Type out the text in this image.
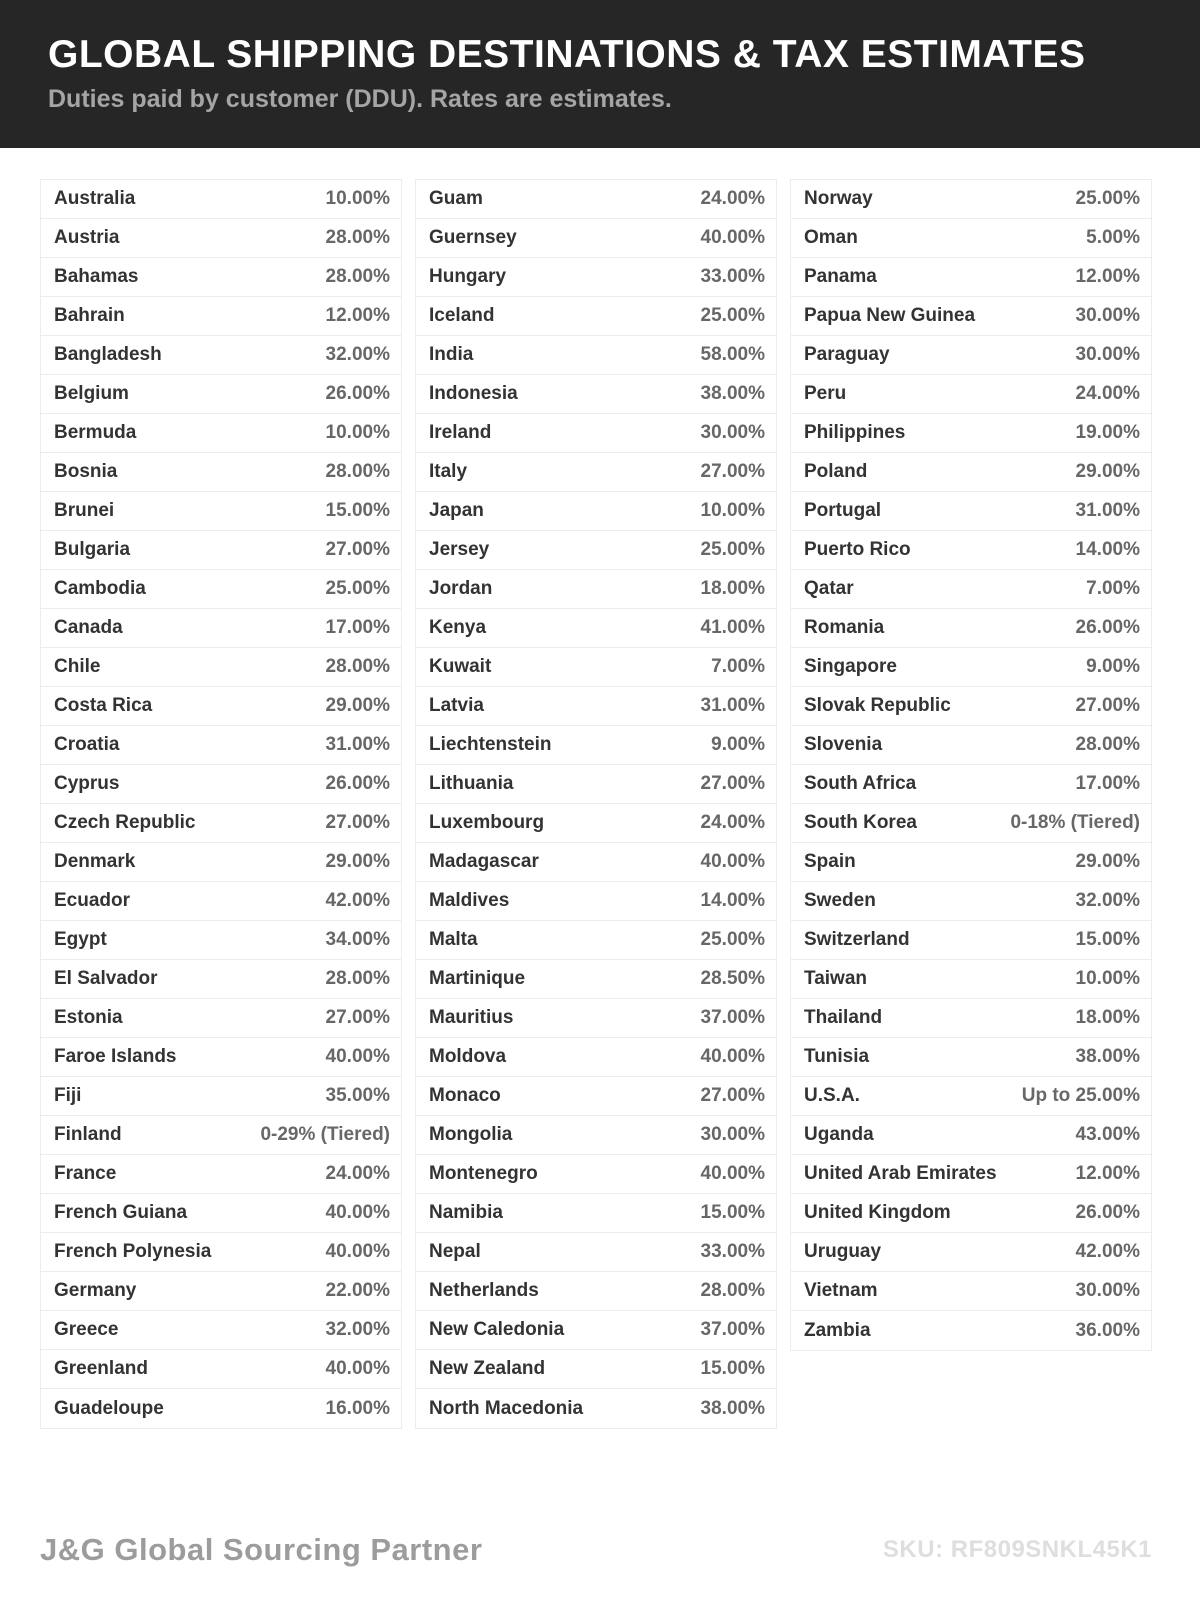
GLOBAL SHIPPING DESTINATIONS & TAX ESTIMATES

Duties paid by customer (DDU). Rates are estimates.

Australia	10.00%
Austria	28.00%
Bahamas	28.00%
Bahrain	12.00%
Bangladesh	32.00%
Belgium	26.00%
Bermuda	10.00%
Bosnia	28.00%
Brunei	15.00%
Bulgaria	27.00%
Cambodia	25.00%
Canada	17.00%
Chile	28.00%
Costa Rica	29.00%
Croatia	31.00%
Cyprus	26.00%
Czech Republic	27.00%
Denmark	29.00%
Ecuador	42.00%
Egypt	34.00%
El Salvador	28.00%
Estonia	27.00%
Faroe Islands	40.00%
Fiji	35.00%
Finland	0-29% (Tiered)
France	24.00%
French Guiana	40.00%
French Polynesia	40.00%
Germany	22.00%
Greece	32.00%
Greenland	40.00%
Guadeloupe	16.00%
Guam	24.00%
Guernsey	40.00%
Hungary	33.00%
Iceland	25.00%
India	58.00%
Indonesia	38.00%
Ireland	30.00%
Italy	27.00%
Japan	10.00%
Jersey	25.00%
Jordan	18.00%
Kenya	41.00%
Kuwait	7.00%
Latvia	31.00%
Liechtenstein	9.00%
Lithuania	27.00%
Luxembourg	24.00%
Madagascar	40.00%
Maldives	14.00%
Malta	25.00%
Martinique	28.50%
Mauritius	37.00%
Moldova	40.00%
Monaco	27.00%
Mongolia	30.00%
Montenegro	40.00%
Namibia	15.00%
Nepal	33.00%
Netherlands	28.00%
New Caledonia	37.00%
New Zealand	15.00%
North Macedonia	38.00%
Norway	25.00%
Oman	5.00%
Panama	12.00%
Papua New Guinea	30.00%
Paraguay	30.00%
Peru	24.00%
Philippines	19.00%
Poland	29.00%
Portugal	31.00%
Puerto Rico	14.00%
Qatar	7.00%
Romania	26.00%
Singapore	9.00%
Slovak Republic	27.00%
Slovenia	28.00%
South Africa	17.00%
South Korea	0-18% (Tiered)
Spain	29.00%
Sweden	32.00%
Switzerland	15.00%
Taiwan	10.00%
Thailand	18.00%
Tunisia	38.00%
U.S.A.	Up to 25.00%
Uganda	43.00%
United Arab Emirates	12.00%
United Kingdom	26.00%
Uruguay	42.00%
Vietnam	30.00%
Zambia	36.00%
J&G Global Sourcing Partner	SKU: RF809SNKL45K1
